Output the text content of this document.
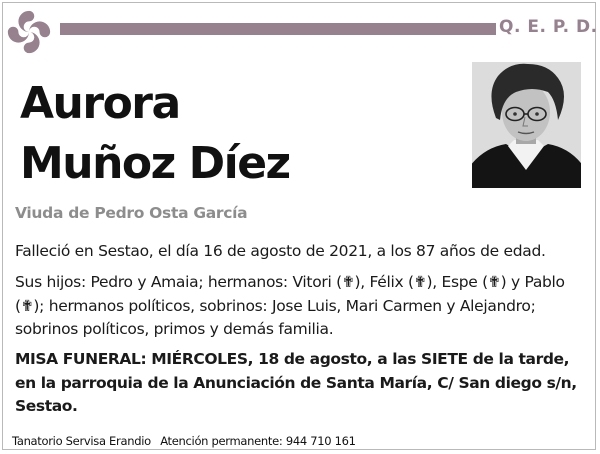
Q. E. P. D.
Aurora
Muñoz Díez
Viuda de Pedro Osta García

Falleció en Sestao, el día 16 de agosto de 2021, a los 87 años de edad.

Sus hijos: Pedro y Amaia; hermanos: Vitori (✟), Félix (✟), Espe (✟) y Pablo (✟); hermanos políticos, sobrinos: Jose Luis, Mari Carmen y Alejandro; sobrinos políticos, primos y demás familia.

MISA FUNERAL: MIÉRCOLES, 18 de agosto, a las SIETE de la tarde, en la parroquia de la Anunciación de Santa María, C/ San diego s/n, Sestao.

Tanatorio Servisa Erandio Atención permanente: 944 710 161
